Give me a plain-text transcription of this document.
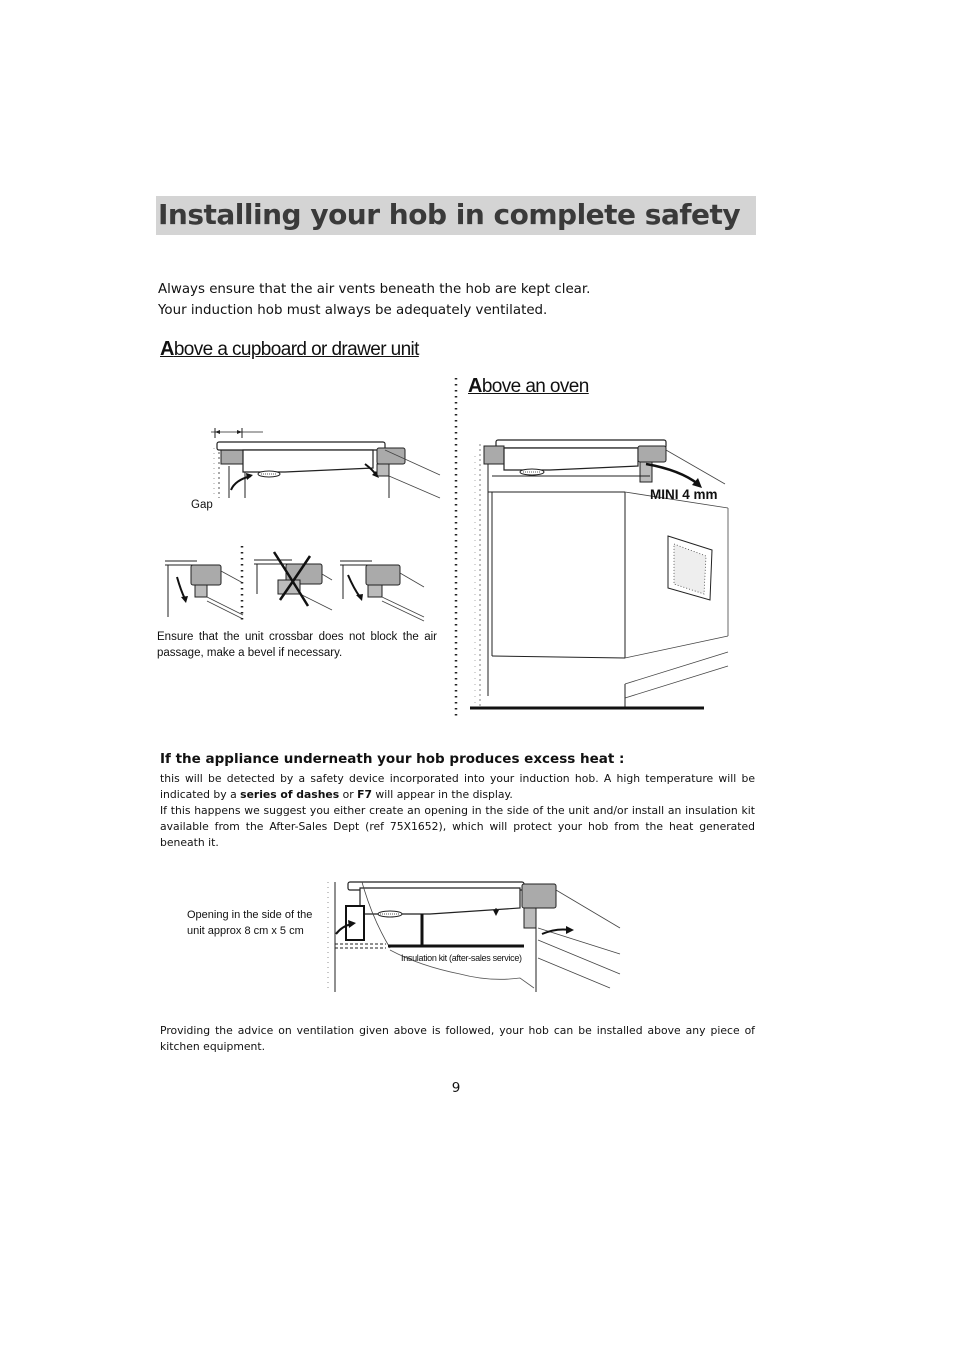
Installing your hob in complete safety
Always ensure that the air vents beneath the hob are kept clear.
Your induction hob must always be adequately ventilated.
Above a cupboard or drawer unit
Above an oven
Gap
Ensure that the unit crossbar does not block the air passage, make a bevel if necessary.
MINI 4 mm
If the appliance underneath your hob produces excess heat :
this will be detected by a safety device incorporated into your induction hob. A high temperature will be indicated by a series of dashes or F7 will appear in the display.
If this happens we suggest you either create an opening in the side of the unit and/or install an insulation kit available from the After-Sales Dept (ref 75X1652), which will protect your hob from the heat generated beneath it.
Opening in the side of the
unit approx 8 cm x 5 cm
Insulation kit (after-sales service)
Providing the advice on ventilation given above is followed, your hob can be installed above any piece of kitchen equipment.
9
